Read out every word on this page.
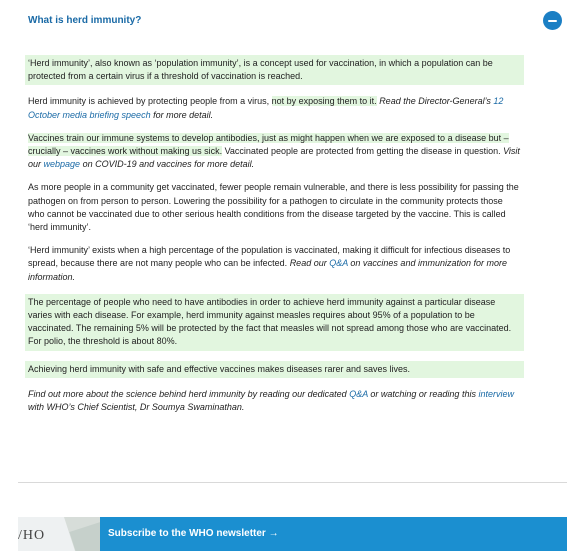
What is herd immunity?

‘Herd immunity’, also known as ‘population immunity’, is a concept used for vaccination, in which a population can be protected from a certain virus if a threshold of vaccination is reached.

Herd immunity is achieved by protecting people from a virus, not by exposing them to it. Read the Director-General’s 12 October media briefing speech for more detail.

Vaccines train our immune systems to develop antibodies, just as might happen when we are exposed to a disease but – crucially – vaccines work without making us sick. Vaccinated people are protected from getting the disease in question. Visit our webpage on COVID-19 and vaccines for more detail.

As more people in a community get vaccinated, fewer people remain vulnerable, and there is less possibility for passing the pathogen on from person to person. Lowering the possibility for a pathogen to circulate in the community protects those who cannot be vaccinated due to other serious health conditions from the disease targeted by the vaccine. This is called ‘herd immunity’.

‘Herd immunity’ exists when a high percentage of the population is vaccinated, making it difficult for infectious diseases to spread, because there are not many people who can be infected. Read our Q&A on vaccines and immunization for more information.

The percentage of people who need to have antibodies in order to achieve herd immunity against a particular disease varies with each disease. For example, herd immunity against measles requires about 95% of a population to be vaccinated. The remaining 5% will be protected by the fact that measles will not spread among those who are vaccinated. For polio, the threshold is about 80%.

Achieving herd immunity with safe and effective vaccines makes diseases rarer and saves lives.

Find out more about the science behind herd immunity by reading our dedicated Q&A or watching or reading this interview with WHO’s Chief Scientist, Dr Soumya Swaminathan.

/HO	Subscribe to the WHO newsletter →
